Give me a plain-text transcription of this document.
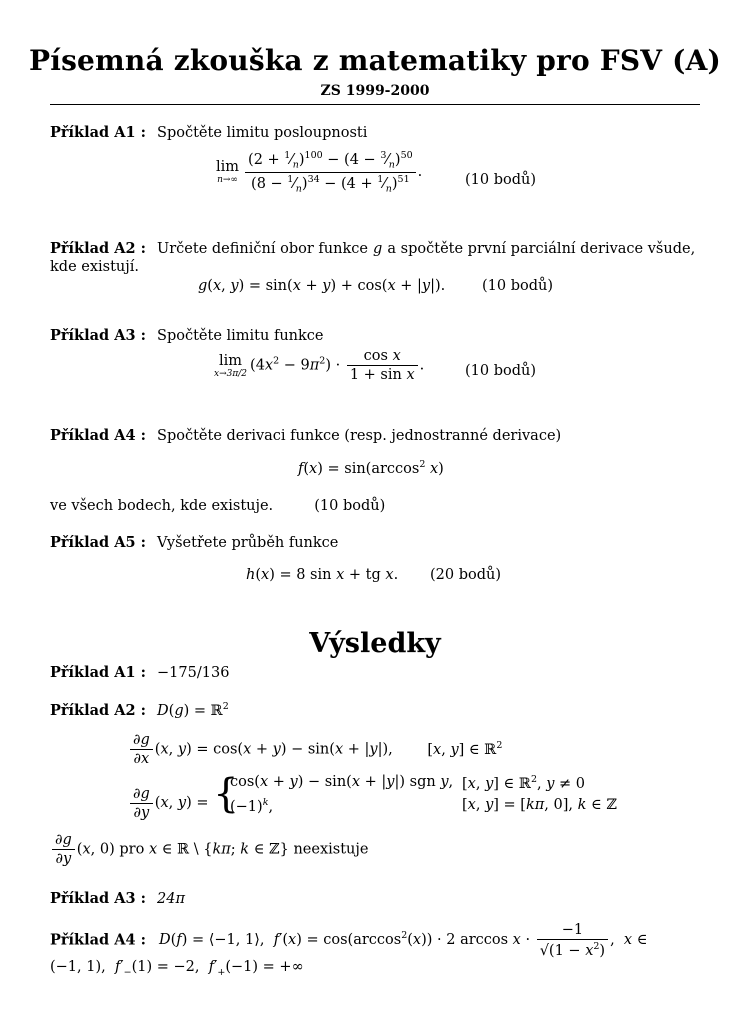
Písemná zkouška z matematiky pro FSV (A)
ZS 1999-2000
Příklad A1 : Spočtěte limitu posloupnosti
lim
$n\to\infty \frac{(2 + ^1⁄_n)^{100} - (4 - ^3⁄_n)^{50}}{(8 - ^1⁄_n)^{34} - (4 + ^1⁄_n)^{51}}$ .	(10 bodů)
Příklad A2 : Určete definiční obor funkce g a spočtěte první parciální derivace všude,
kde existují.
g(x, y) = sin(x + y) + cos(x + |y|).	(10 bodů)
Příklad A3 : Spočtěte limitu funkce
lim
x→3π/2 $(4x^2 - 9\pi^2) \cdot \frac{\text{cos x}}{\text{1 + sin x}}$ .	(10 bodů)
Příklad A4 : Spočtěte derivaci funkce (resp. jednostranné derivace)
$f(x) = \sin(\arccos^2$ x)
ve všech bodech, kde existuje.	(10 bodů)
Příklad A5 : Vyšetřete průběh funkce
h(x) = 8 sin x + tg x. (20 bodů)
Výsledky
Příklad A1 : −175/136
Příklad A2 : D(g) = ℝ$^2$
$\frac{\partial g}{\partial x} (x$, y) = cos(x + y) − sin(x + |y|), [x, y] ∈ ℝ$^2$
$\frac{\partial g}{\partial y} (x$, y) = {
cos(x + y) − sin(x + |y|) sgn y, [x, y] ∈ ℝ$^2$, y ≠ 0
$(-1)^k$,	[x, y] = [kπ, 0], k ∈ ℤ
$\frac{\partial g}{\partial y} (x$, 0) pro x ∈ ℝ \ {kπ; k ∈ ℤ} neexistuje
Příklad A3 : 24π
Příklad A4 : D(f) = ⟨−1, 1⟩,  $f'(x) = \cos(\arccos^2(x)) \cdot 2$ $\arccos x \cdot \frac{-1}{√(1 - x^2)}$ ,  x ∈
(−1, 1),  $f'_-(1) = -2$,  $f'_+(-1)$ = +∞
